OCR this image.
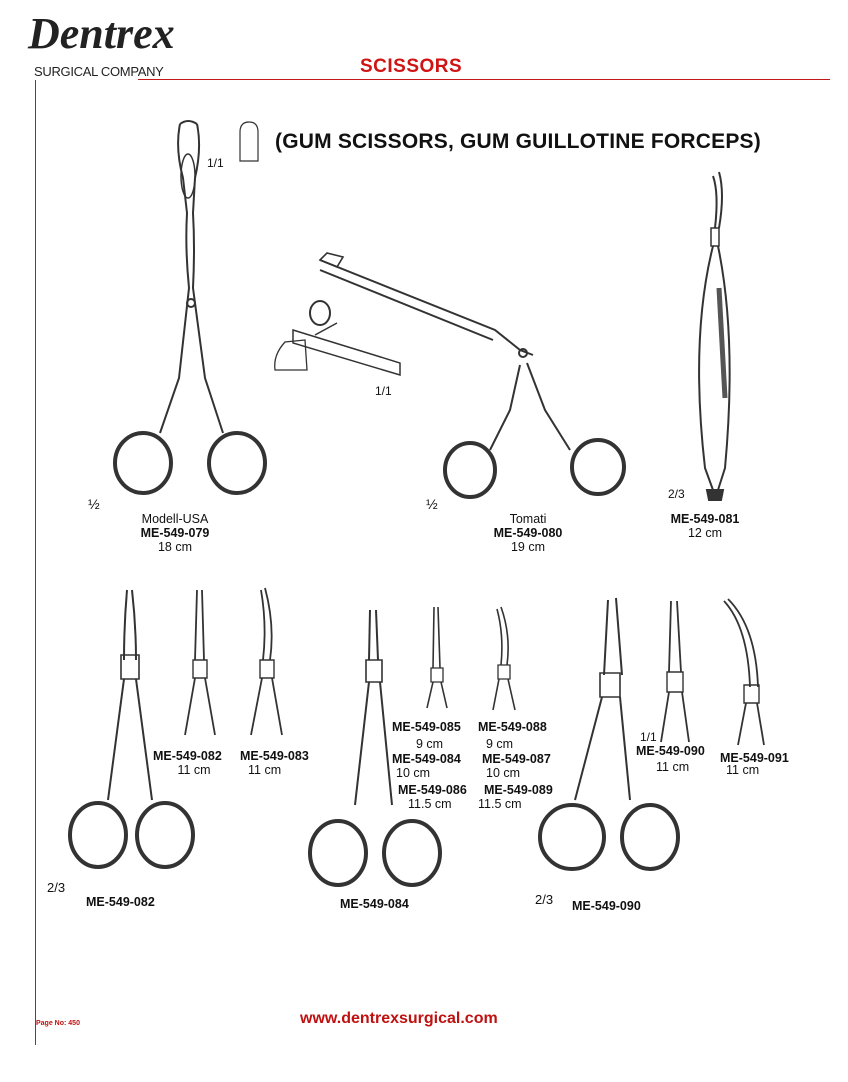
Dentrex
SURGICAL COMPANY	SCISSORS
(GUM SCISSORS, GUM GUILLOTINE FORCEPS)
1/1
½
Modell-USA
ME-549-079
18 cm
1/1
½
Tomati
ME-549-080
19 cm
2/3
ME-549-081
12 cm
ME-549-082
11 cm
ME-549-083
11 cm
2/3
ME-549-082
ME-549-085
9 cm
ME-549-084
10 cm
ME-549-086
11.5 cm
ME-549-088
9 cm
ME-549-087
10 cm
ME-549-089
11.5 cm
ME-549-084
1/1
ME-549-090
11 cm
ME-549-091
11 cm
2/3 ME-549-090
Page No: 450	www.dentrexsurgical.com
